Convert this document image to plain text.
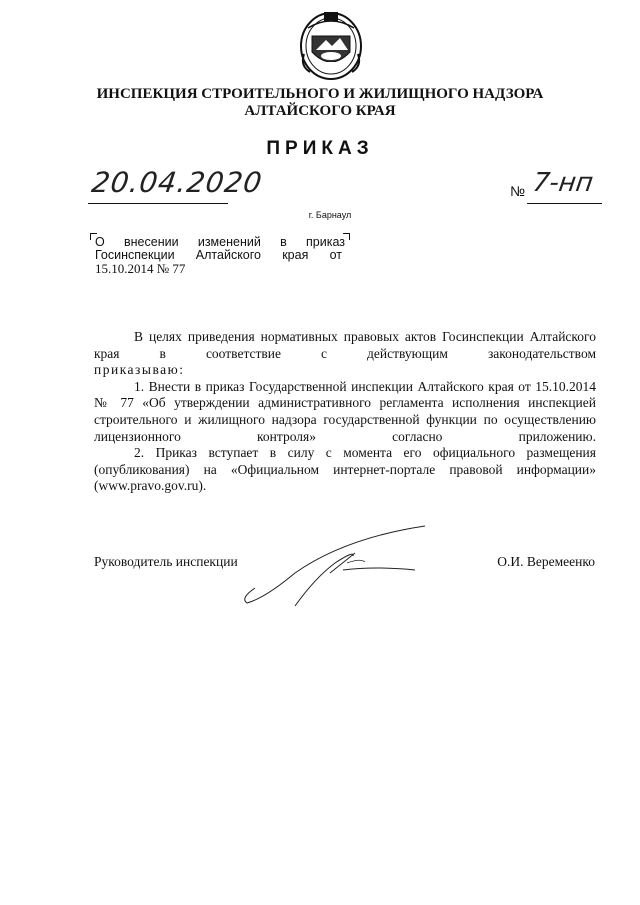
ИНСПЕКЦИЯ СТРОИТЕЛЬНОГО И ЖИЛИЩНОГО НАДЗОРА
АЛТАЙСКОГО КРАЯ
ПРИКАЗ
20.04.2020	№ 7-нп
г. Барнаул
О внесении изменений в приказ
Госинспекции Алтайского края от
15.10.2014 № 77

В целях приведения нормативных правовых актов Госинспекции Алтайского края в соответствие с действующим законодательством

приказываю:

1. Внести в приказ Государственной инспекции Алтайского края от 15.10.2014 № 77 «Об утверждении административного регламента исполнения инспекцией строительного и жилищного надзора государственной функции по осуществлению лицензионного контроля» согласно приложению.

2. Приказ вступает в силу с момента его официального размещения (опубликования) на «Официальном интернет-портале правовой информации» (www.pravo.gov.ru).

Руководитель инспекции	О.И. Веремеенко
